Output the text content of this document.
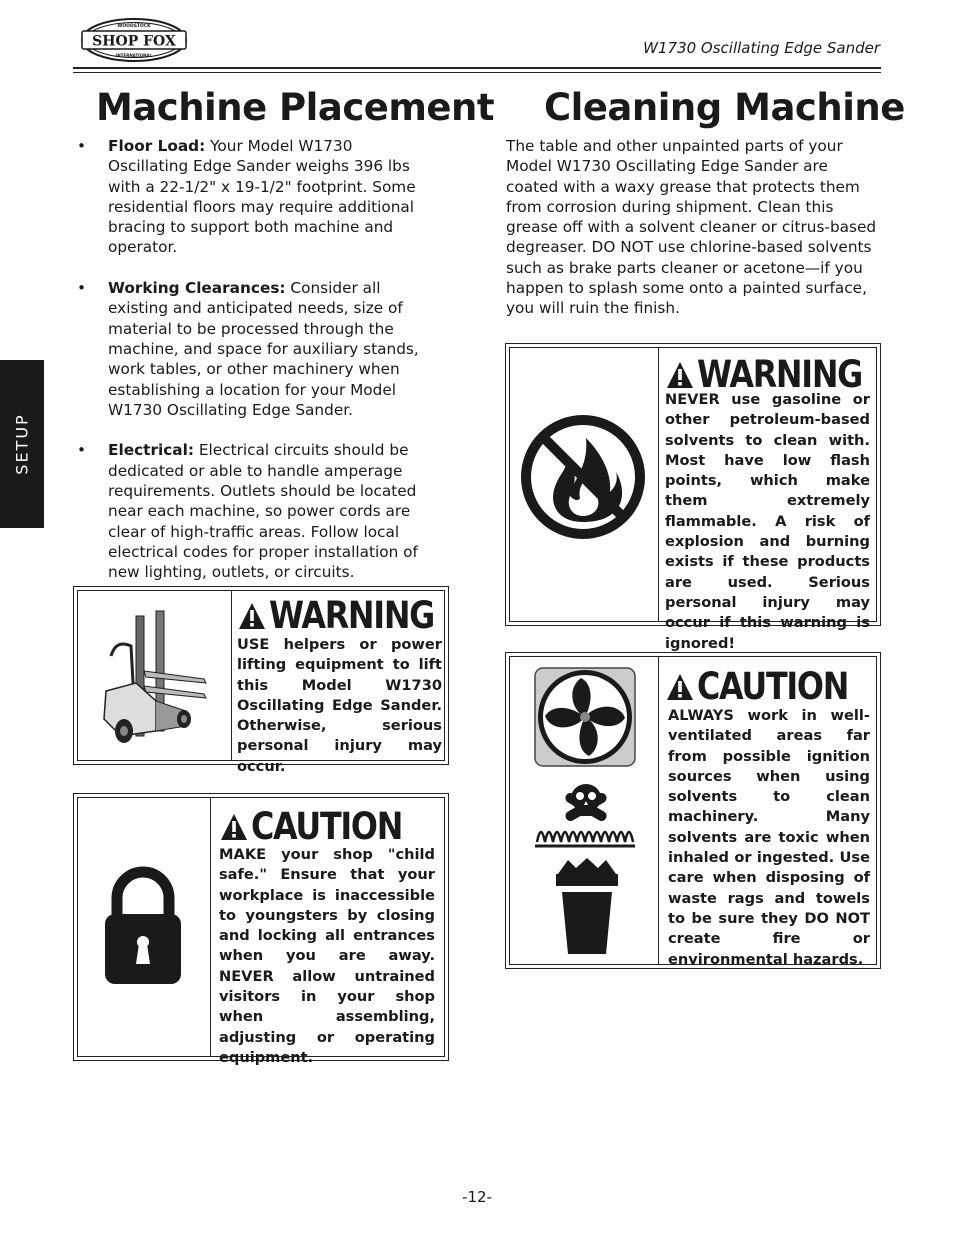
SHOP FOX
WOODSTOCK
INTERNATIONAL	W1730 Oscillating Edge Sander
SETUP
Machine Placement
• Floor Load: Your Model W1730 Oscillating Edge Sander weighs 396 lbs with a 22-1/2" x 19-1/2" footprint. Some residential floors may require additional bracing to support both machine and operator.
• Working Clearances: Consider all existing and anticipated needs, size of material to be processed through the machine, and space for auxiliary stands, work tables, or other machinery when establishing a location for your Model W1730 Oscillating Edge Sander.
• Electrical: Electrical circuits should be dedicated or able to handle amperage requirements. Outlets should be located near each machine, so power cords are clear of high-traffic areas. Follow local electrical codes for proper installation of new lighting, outlets, or circuits.
Cleaning Machine

The table and other unpainted parts of your Model W1730 Oscillating Edge Sander are coated with a waxy grease that protects them from corrosion during shipment. Clean this grease off with a solvent cleaner or citrus-based degreaser. DO NOT use chlorine-based solvents such as brake parts cleaner or acetone—if you happen to splash some onto a painted surface, you will ruin the finish.

WARNING
USE helpers or power lifting equipment to lift this Model W1730 Oscillating Edge Sander. Otherwise, serious personal injury may occur.
CAUTION
MAKE your shop "child safe." Ensure that your workplace is inaccessible to youngsters by closing and locking all entrances when you are away. NEVER allow untrained visitors in your shop when assembling, adjusting or operating equipment.
WARNING
NEVER use gasoline or other petroleum-based solvents to clean with. Most have low flash points, which make them extremely flammable. A risk of explosion and burning exists if these products are used. Serious personal injury may occur if this warning is ignored!
CAUTION
ALWAYS work in well-ventilated areas far from possible ignition sources when using solvents to clean machinery. Many solvents are toxic when inhaled or ingested. Use care when disposing of waste rags and towels to be sure they DO NOT create fire or environmental hazards.
-12-
